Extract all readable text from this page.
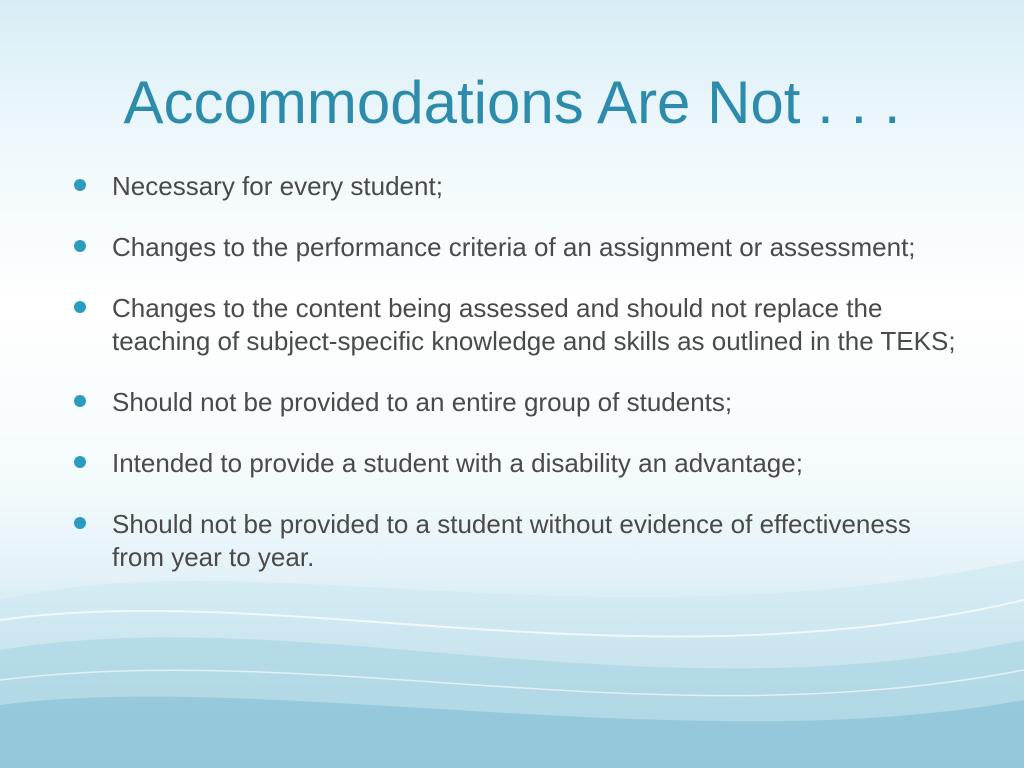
Accommodations Are Not . . .
Necessary for every student;
Changes to the performance criteria of an assignment or assessment;
Changes to the content being assessed and should not replace the teaching of subject-specific knowledge and skills as outlined in the TEKS;
Should not be provided to an entire group of students;
Intended to provide a student with a disability an advantage;
Should not be provided to a student without evidence of effectiveness from year to year.
